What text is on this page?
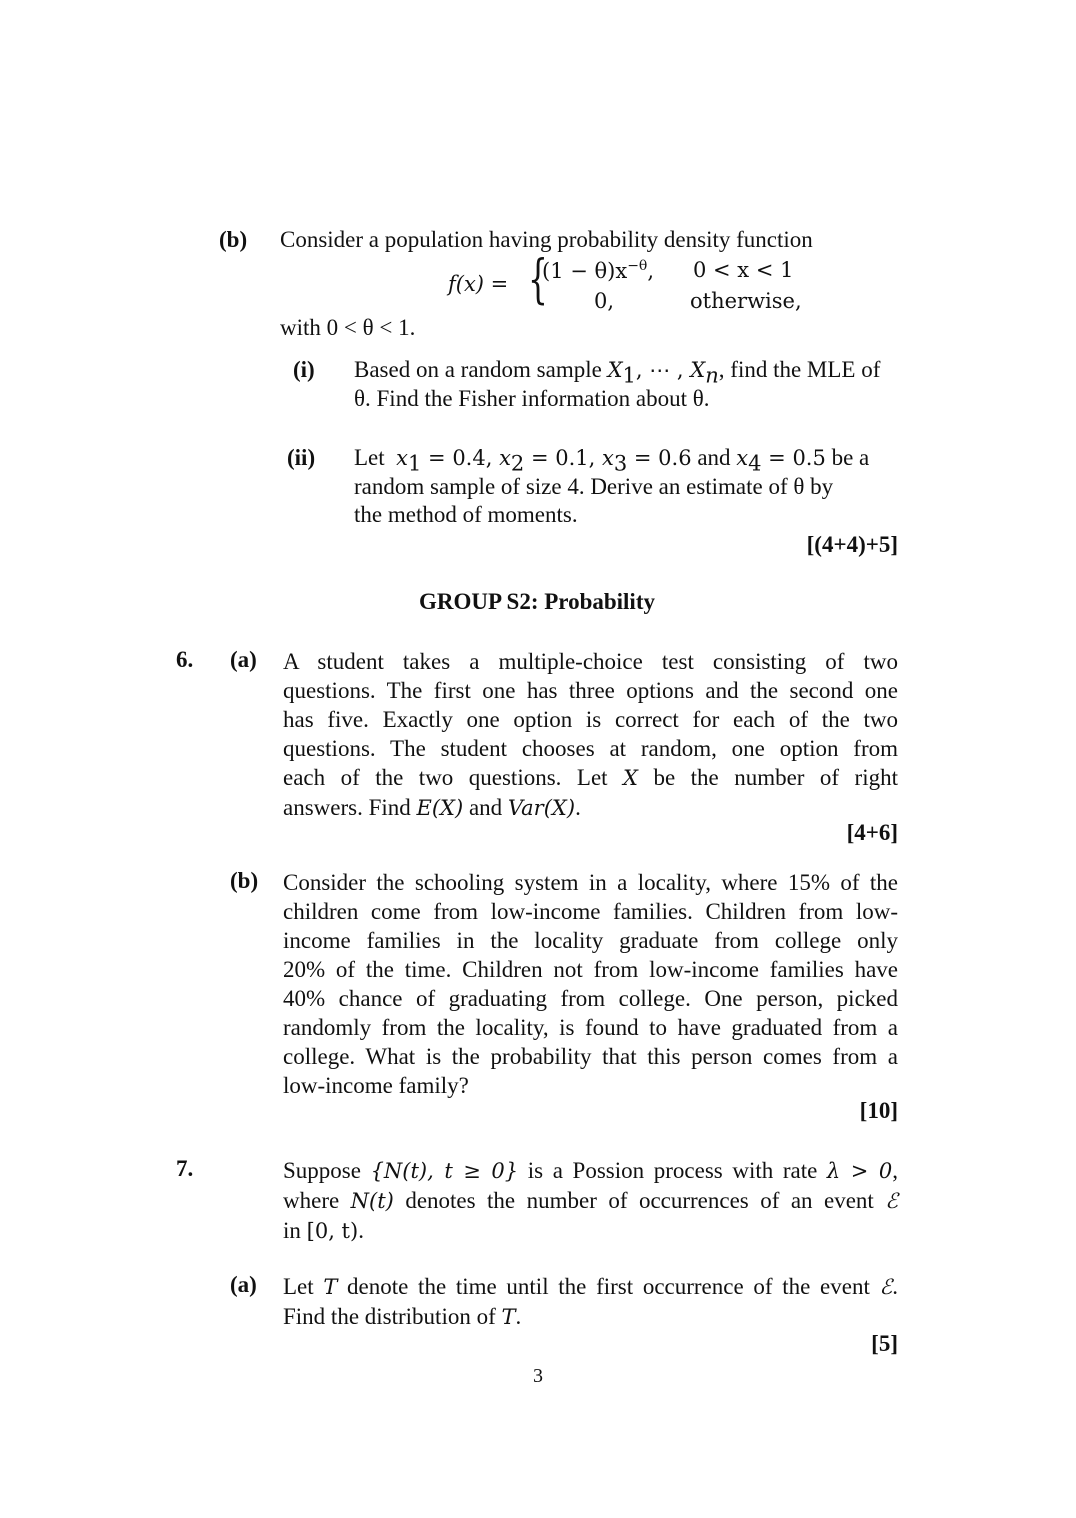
(b) Consider a population having probability density function
f(x) = {
$(1 - \theta)x^{-\theta}$, 0 < x < 1
0,	otherwise,
with 0 < θ < 1.
(i) Based on a random sample $X_1$, ⋯ , $X_n$, find the MLE of
θ. Find the Fisher information about θ.
(ii) Let  $x_1 = 0.4$, $x_2 = 0.1$, $x_3 = 0.6$ and $x_4 = 0.5$ be a
random sample of size 4. Derive an estimate of θ by
the method of moments.
[(4+4)+5]
GROUP S2: Probability
6. (a) A student takes a multiple-choice test consisting of two
questions. The first one has three options and the second one
has five. Exactly one option is correct for each of the two
questions. The student chooses at random, one option from
each of the two questions. Let X be the number of right
answers. Find E(X) and Var(X).
[4+6]
(b) Consider the schooling system in a locality, where 15% of the
children come from low-income families. Children from low-
income families in the locality graduate from college only
20% of the time. Children not from low-income families have
40% chance of graduating from college. One person, picked
randomly from the locality, is found to have graduated from a
college. What is the probability that this person comes from a
low-income family?
[10]
7.	Suppose {N(t), t ≥ 0} is a Possion process with rate λ > 0,
where N(t) denotes the number of occurrences of an event ℰ
in [0, t).
(a) Let T denote the time until the first occurrence of the event ℰ.
Find the distribution of T.
[5]
3
